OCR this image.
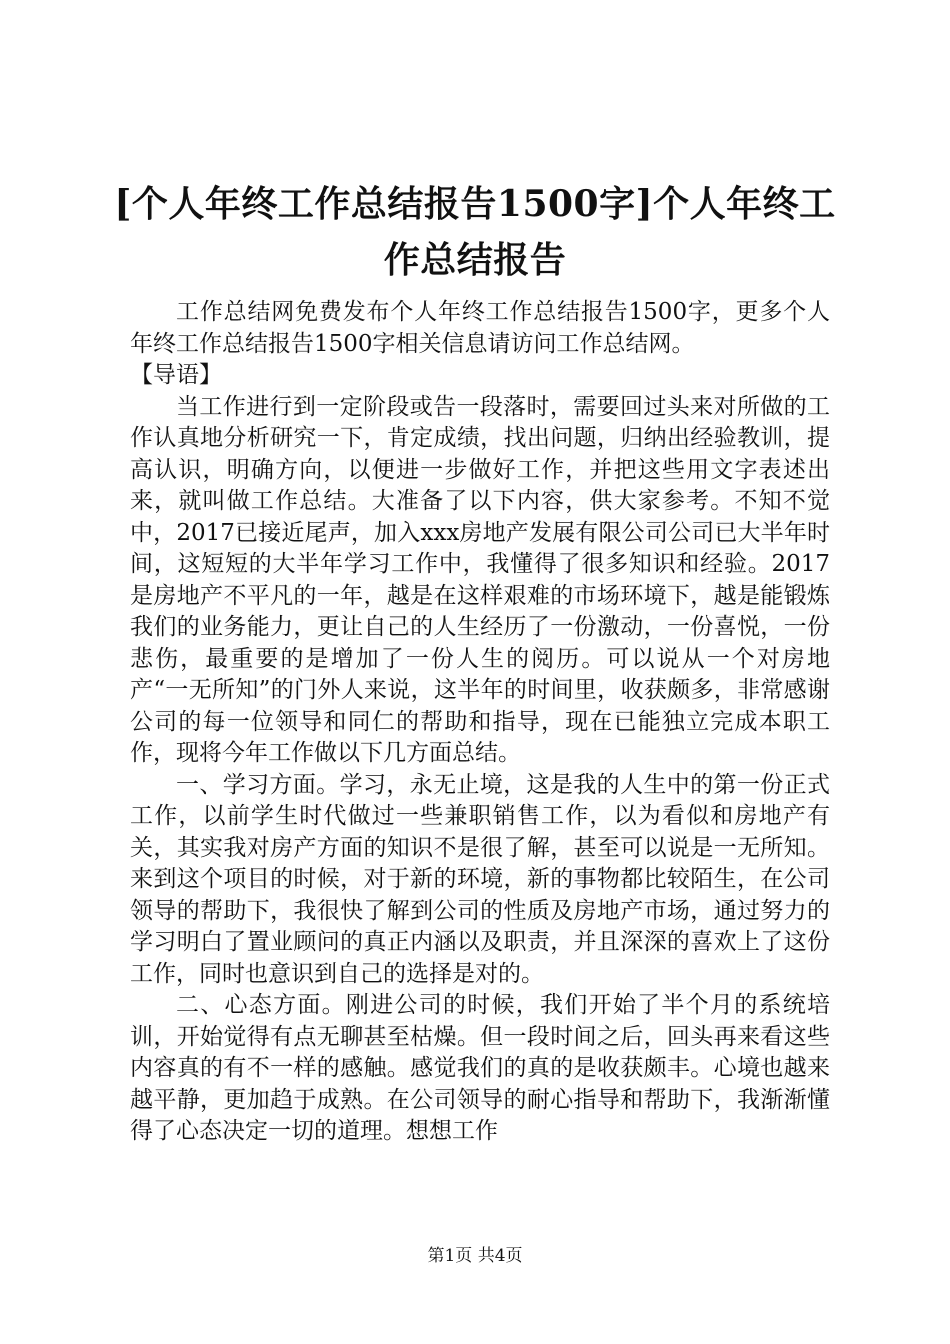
[个人年终工作总结报告1500字]个人年终工作总结报告

工作总结网免费发布个人年终工作总结报告1500字，更多个人年终工作总结报告1500字相关信息请访问工作总结网。

【导语】

当工作进行到一定阶段或告一段落时，需要回过头来对所做的工作认真地分析研究一下，肯定成绩，找出问题，归纳出经验教训，提高认识，明确方向，以便进一步做好工作，并把这些用文字表述出来，就叫做工作总结。大准备了以下内容，供大家参考。不知不觉中，2017已接近尾声，加入xxx房地产发展有限公司公司已大半年时间，这短短的大半年学习工作中，我懂得了很多知识和经验。2017是房地产不平凡的一年，越是在这样艰难的市场环境下，越是能锻炼我们的业务能力，更让自己的人生经历了一份激动，一份喜悦，一份悲伤，最重要的是增加了一份人生的阅历。可以说从一个对房地产“一无所知”的门外人来说，这半年的时间里，收获颇多，非常感谢公司的每一位领导和同仁的帮助和指导，现在已能独立完成本职工作，现将今年工作做以下几方面总结。

一、学习方面。学习，永无止境，这是我的人生中的第一份正式工作，以前学生时代做过一些兼职销售工作，以为看似和房地产有关，其实我对房产方面的知识不是很了解，甚至可以说是一无所知。来到这个项目的时候，对于新的环境，新的事物都比较陌生，在公司领导的帮助下，我很快了解到公司的性质及房地产市场，通过努力的学习明白了置业顾问的真正内涵以及职责，并且深深的喜欢上了这份工作，同时也意识到自己的选择是对的。

二、心态方面。刚进公司的时候，我们开始了半个月的系统培训，开始觉得有点无聊甚至枯燥。但一段时间之后，回头再来看这些内容真的有不一样的感触。感觉我们的真的是收获颇丰。心境也越来越平静，更加趋于成熟。在公司领导的耐心指导和帮助下，我渐渐懂得了心态决定一切的道理。想想工作

第1页 共4页
